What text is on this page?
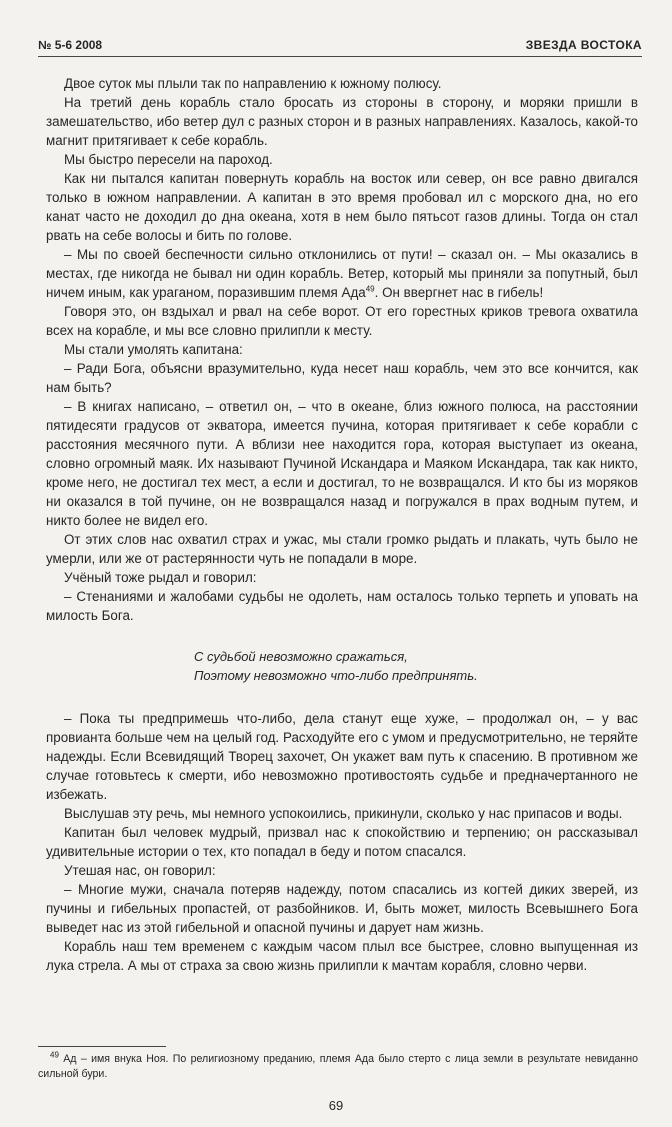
№ 5-6 2008	ЗВЕЗДА ВОСТОКА

Двое суток мы плыли так по направлению к южному полюсу.

На третий день корабль стало бросать из стороны в сторону, и моряки пришли в замешательство, ибо ветер дул с разных сторон и в разных направлениях. Казалось, какой-то магнит притягивает к себе корабль.

Мы быстро пересели на пароход.

Как ни пытался капитан повернуть корабль на восток или север, он все равно двигался только в южном направлении. А капитан в это время пробовал ил с морского дна, но его канат часто не доходил до дна океана, хотя в нем было пятьсот газов длины. Тогда он стал рвать на себе волосы и бить по голове.

– Мы по своей беспечности сильно отклонились от пути! – сказал он. – Мы оказались в местах, где никогда не бывал ни один корабль. Ветер, который мы приняли за попутный, был ничем иным, как ураганом, поразившим племя Ада$^{49}$. Он ввергнет нас в гибель!

Говоря это, он вздыхал и рвал на себе ворот. От его горестных криков тревога охватила всех на корабле, и мы все словно прилипли к месту.

Мы стали умолять капитана:

– Ради Бога, объясни вразумительно, куда несет наш корабль, чем это все кончится, как нам быть?

– В книгах написано, – ответил он, – что в океане, близ южного полюса, на расстоянии пятидесяти градусов от экватора, имеется пучина, которая притягивает к себе корабли с расстояния месячного пути. А вблизи нее находится гора, которая выступает из океана, словно огромный маяк. Их называют Пучиной Искандара и Маяком Искандара, так как никто, кроме него, не достигал тех мест, а если и достигал, то не возвращался. И кто бы из моряков ни оказался в той пучине, он не возвращался назад и погружался в прах водным путем, и никто более не видел его.

От этих слов нас охватил страх и ужас, мы стали громко рыдать и плакать, чуть было не умерли, или же от растерянности чуть не попадали в море.

Учёный тоже рыдал и говорил:

– Стенаниями и жалобами судьбы не одолеть, нам осталось только терпеть и уповать на милость Бога.

С судьбой невозможно сражаться,
Поэтому невозможно что-либо предпринять.

– Пока ты предпримешь что-либо, дела станут еще хуже, – продолжал он, – у вас провианта больше чем на целый год. Расходуйте его с умом и предусмотрительно, не теряйте надежды. Если Всевидящий Творец захочет, Он укажет вам путь к спасению. В противном же случае готовьтесь к смерти, ибо невозможно противостоять судьбе и предначертанного не избежать.

Выслушав эту речь, мы немного успокоились, прикинули, сколько у нас припасов и воды.

Капитан был человек мудрый, призвал нас к спокойствию и терпению; он рассказывал удивительные истории о тех, кто попадал в беду и потом спасался.

Утешая нас, он говорил:

– Многие мужи, сначала потеряв надежду, потом спасались из когтей диких зверей, из пучины и гибельных пропастей, от разбойников. И, быть может, милость Всевышнего Бога выведет нас из этой гибельной и опасной пучины и дарует нам жизнь.

Корабль наш тем временем с каждым часом плыл все быстрее, словно выпущенная из лука стрела. А мы от страха за свою жизнь прилипли к мачтам корабля, словно черви.

$^{49}$ Ад – имя внука Ноя. По религиозному преданию, племя Ада было стерто с лица земли в результате невиданно сильной бури.
69
